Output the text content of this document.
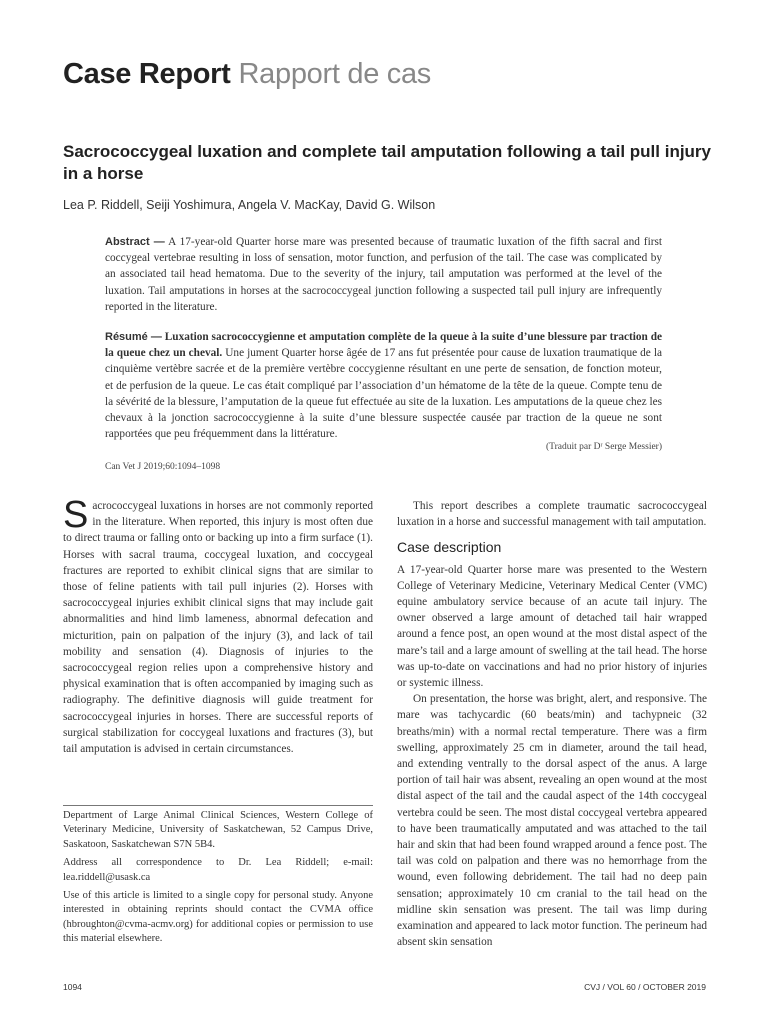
Case Report Rapport de cas
Sacrococcygeal luxation and complete tail amputation following a tail pull injury in a horse
Lea P. Riddell, Seiji Yoshimura, Angela V. MacKay, David G. Wilson
Abstract — A 17-year-old Quarter horse mare was presented because of traumatic luxation of the fifth sacral and first coccygeal vertebrae resulting in loss of sensation, motor function, and perfusion of the tail. The case was complicated by an associated tail head hematoma. Due to the severity of the injury, tail amputation was performed at the level of the luxation. Tail amputations in horses at the sacrococcygeal junction following a suspected tail pull injury are infrequently reported in the literature.
Résumé — Luxation sacrococcygienne et amputation complète de la queue à la suite d’une blessure par traction de la queue chez un cheval. Une jument Quarter horse âgée de 17 ans fut présentée pour cause de luxation traumatique de la cinquième vertèbre sacrée et de la première vertèbre coccygienne résultant en une perte de sensation, de fonction moteur, et de perfusion de la queue. Le cas était compliqué par l’association d’un hématome de la tête de la queue. Compte tenu de la sévérité de la blessure, l’amputation de la queue fut effectuée au site de la luxation. Les amputations de la queue chez les chevaux à la jonction sacrococcygienne à la suite d’une blessure suspectée causée par traction de la queue ne sont rapportées que peu fréquemment dans la littérature.
(Traduit par Dʳ Serge Messier)
Can Vet J 2019;60:1094–1098

Sacrococcygeal luxations in horses are not commonly reported in the literature. When reported, this injury is most often due to direct trauma or falling onto or backing up into a firm surface (1). Horses with sacral trauma, coccygeal luxation, and coccygeal fractures are reported to exhibit clinical signs that are similar to those of feline patients with tail pull injuries (2). Horses with sacrococcygeal injuries exhibit clinical signs that may include gait abnormalities and hind limb lameness, abnormal defecation and micturition, pain on palpation of the injury (3), and lack of tail mobility and sensation (4). Diagnosis of injuries to the sacrococcygeal region relies upon a comprehensive history and physical examination that is often accompanied by imaging such as radiography. The definitive diagnosis will guide treatment for sacrococcygeal injuries in horses. There are successful reports of surgical stabilization for coccygeal luxations and fractures (3), but tail amputation is advised in certain circumstances.

This report describes a complete traumatic sacrococcygeal luxation in a horse and successful management with tail amputation.

Case description

A 17-year-old Quarter horse mare was presented to the Western College of Veterinary Medicine, Veterinary Medical Center (VMC) equine ambulatory service because of an acute tail injury. The owner observed a large amount of detached tail hair wrapped around a fence post, an open wound at the most distal aspect of the mare’s tail and a large amount of swelling at the tail head. The horse was up-to-date on vaccinations and had no prior history of injuries or systemic illness.

On presentation, the horse was bright, alert, and responsive. The mare was tachycardic (60 beats/min) and tachypneic (32 breaths/min) with a normal rectal temperature. There was a firm swelling, approximately 25 cm in diameter, around the tail head, and extending ventrally to the dorsal aspect of the anus. A large portion of tail hair was absent, revealing an open wound at the most distal aspect of the tail and the caudal aspect of the 14th coccygeal vertebra could be seen. The most distal coccygeal vertebra appeared to have been traumatically amputated and was attached to the tail hair and skin that had been found wrapped around a fence post. The tail was cold on palpation and there was no hemorrhage from the wound, even following debridement. The tail had no deep pain sensation; approximately 10 cm cranial to the tail head on the midline skin sensation was present. The tail was limp during examination and appeared to lack motor function. The perineum had absent skin sensation

Department of Large Animal Clinical Sciences, Western College of Veterinary Medicine, University of Saskatchewan, 52 Campus Drive, Saskatoon, Saskatchewan S7N 5B4.

Address all correspondence to Dr. Lea Riddell; e-mail: lea.riddell@usask.ca

Use of this article is limited to a single copy for personal study. Anyone interested in obtaining reprints should contact the CVMA office (hbroughton@cvma-acmv.org) for additional copies or permission to use this material elsewhere.

1094	CVJ / VOL 60 / OCTOBER 2019
